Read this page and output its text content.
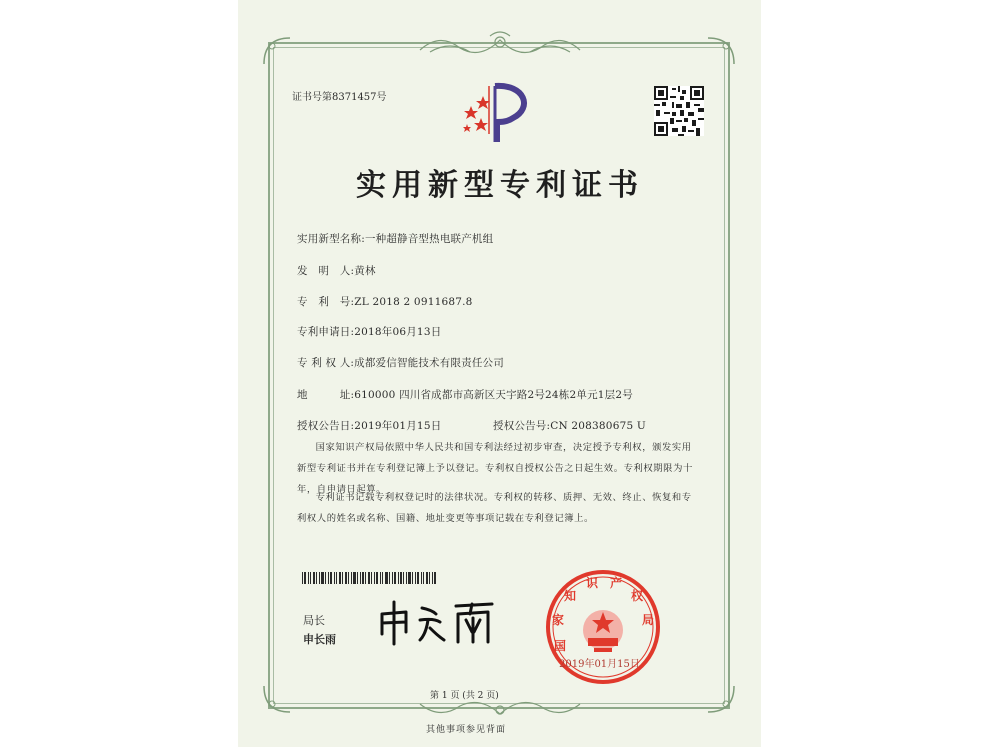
证书号第8371457号
实用新型专利证书
实用新型名称:一种超静音型热电联产机组
发　明　人:黄林
专　利　号:ZL 2018 2 0911687.8
专利申请日:2018年06月13日
专 利 权 人:成都爱信智能技术有限责任公司
地　　　址:610000 四川省成都市高新区天宇路2号24栋2单元1层2号
授权公告日:2019年01月15日	授权公告号:CN 208380675 U
国家知识产权局依照中华人民共和国专利法经过初步审查，决定授予专利权，颁发实用新型专利证书并在专利登记簿上予以登记。专利权自授权公告之日起生效。专利权期限为十年，自申请日起算。
专利证书记载专利权登记时的法律状况。专利权的转移、质押、无效、终止、恢复和专利权人的姓名或名称、国籍、地址变更等事项记载在专利登记簿上。
局长
申长雨	国
家
知
识 产
权
局
2019年01月15日
第 1 页 (共 2 页)
其他事项参见背面
